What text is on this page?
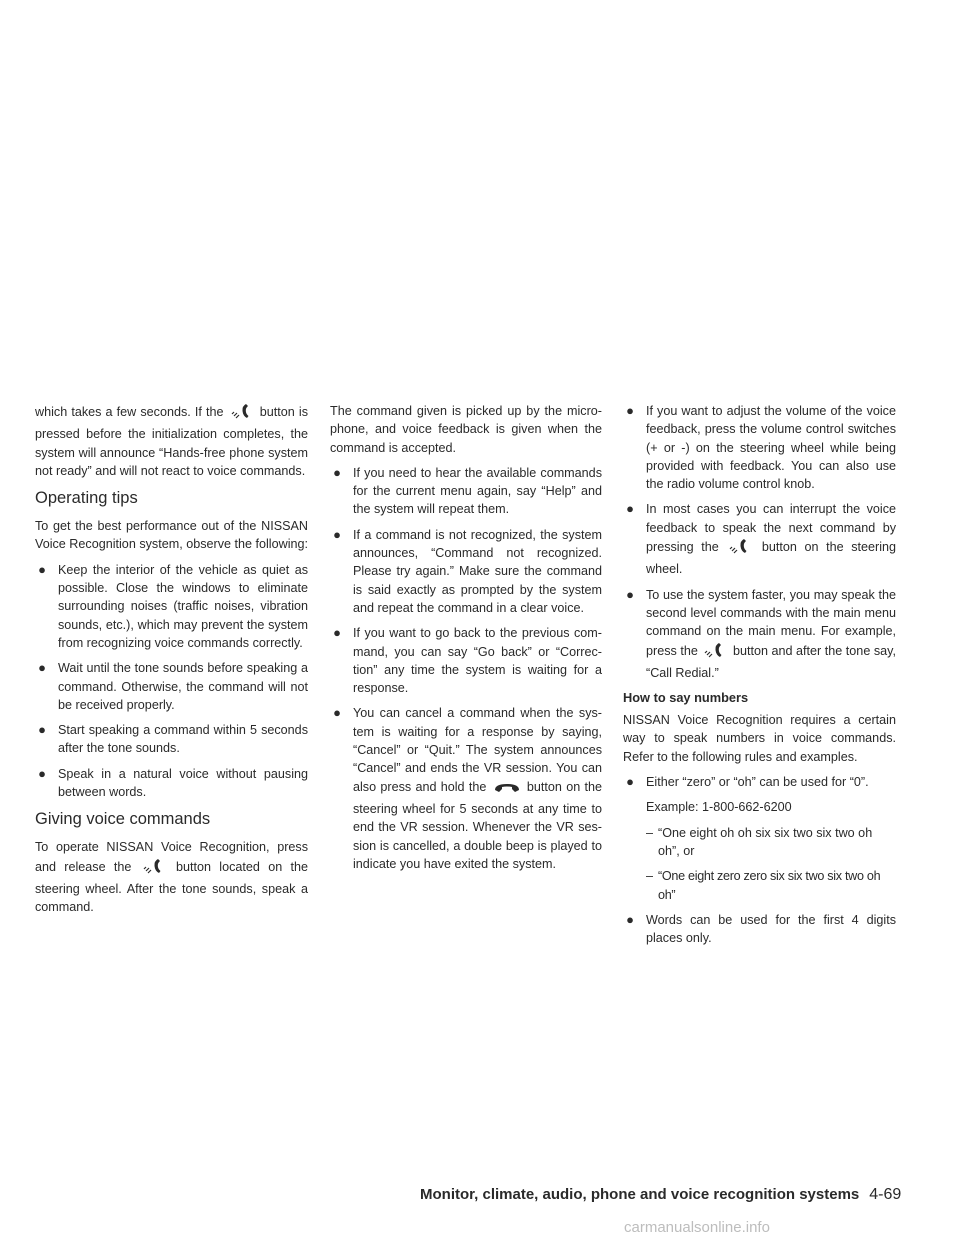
which takes a few seconds. If the	button is pressed before the initialization completes, the system will announce “Hands-free phone system not ready” and will not react to voice commands.

Operating tips

To get the best performance out of the NISSAN Voice Recognition system, observe the following:

● Keep the interior of the vehicle as quiet as possible. Close the windows to eliminate surrounding noises (traffic noises, vibration sounds, etc.), which may prevent the system from recognizing voice commands correctly.
● Wait until the tone sounds before speaking a command. Otherwise, the command will not be received properly.
● Start speaking a command within 5 seconds after the tone sounds.
● Speak in a natural voice without pausing between words.
Giving voice commands

To operate NISSAN Voice Recognition, press and release the	button located on the steering wheel. After the tone sounds, speak a command.

The command given is picked up by the micro-phone, and voice feedback is given when the command is accepted.

● If you need to hear the available commands for the current menu again, say “Help” and the system will repeat them.
● If a command is not recognized, the system announces, “Command not recognized. Please try again.” Make sure the command is said exactly as prompted by the system and repeat the command in a clear voice.
● If you want to go back to the previous com-mand, you can say “Go back” or “Correc-tion” any time the system is waiting for a response.
● You can cancel a command when the sys-tem is waiting for a response by saying, “Cancel” or “Quit.” The system announces “Cancel” and ends the VR session. You can also press and hold the	button on the steering wheel for 5 seconds at any time to end the VR session. Whenever the VR ses-sion is cancelled, a double beep is played to indicate you have exited the system.
● If you want to adjust the volume of the voice feedback, press the volume control switches (+ or -) on the steering wheel while being provided with feedback. You can also use the radio volume control knob.
● In most cases you can interrupt the voice feedback to speak the next command by pressing the	button on the steering wheel.
● To use the system faster, you may speak the second level commands with the main menu command on the main menu. For example, press the	button and after the tone say, “Call Redial.”
How to say numbers

NISSAN Voice Recognition requires a certain way to speak numbers in voice commands. Refer to the following rules and examples.

● Either “zero” or “oh” can be used for “0”.
Example: 1-800-662-6200
– “One eight oh oh six six two six two oh oh”, or
– “One eight zero zero six six two six two oh oh”
● Words can be used for the first 4 digits places only.
Monitor, climate, audio, phone and voice recognition systems 4-69
carmanualsonline.info
